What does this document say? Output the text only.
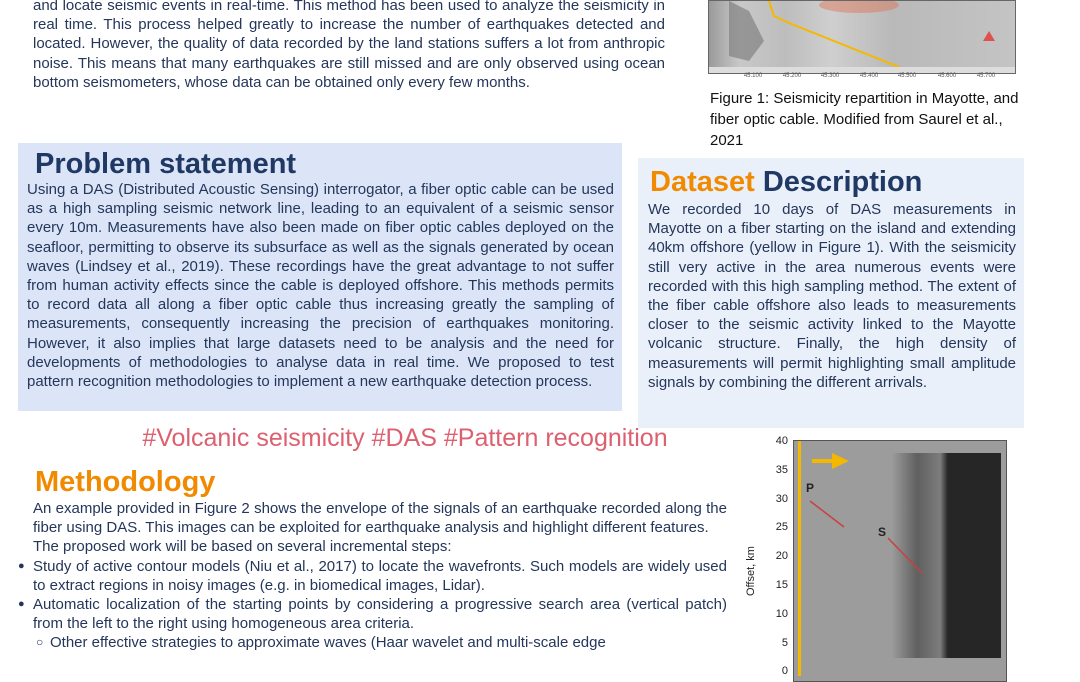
and locate seismic events in real-time. This method has been used to analyze the seismicity in real time. This process helped greatly to increase the number of earthquakes detected and located. However, the quality of data recorded by the land stations suffers a lot from anthropic noise. This means that many earthquakes are still missed and are only observed using ocean bottom seismometers, whose data can be obtained only every few months.	45.100	45.200	45.300	45.400	45.500	45.600	45.700
Figure 1: Seismicity repartition in Mayotte, and fiber optic cable. Modified from Saurel et al., 2021
Problem statement
Using a DAS (Distributed Acoustic Sensing) interrogator, a fiber optic cable can be used as a high sampling seismic network line, leading to an equivalent of a seismic sensor every 10m. Measurements have also been made on fiber optic cables deployed on the seafloor, permitting to observe its subsurface as well as the signals generated by ocean waves (Lindsey et al., 2019). These recordings have the great advantage to not suffer from human activity effects since the cable is deployed offshore. This methods permits to record data all along a fiber optic cable thus increasing greatly the sampling of measurements, consequently increasing the precision of earthquakes monitoring. However, it also implies that large datasets need to be analysis and the need for developments of methodologies to analyse data in real time. We proposed to test pattern recognition methodologies to implement a new earthquake detection process.
Dataset Description
We recorded 10 days of DAS measurements in Mayotte on a fiber starting on the island and extending 40km offshore (yellow in Figure 1). With the seismicity still very active in the area numerous events were recorded with this high sampling method. The extent of the fiber cable offshore also leads to measurements closer to the seismic activity linked to the Mayotte volcanic structure. Finally, the high density of measurements will permit highlighting small amplitude signals by combining the different arrivals.
#Volcanic seismicity #DAS #Pattern recognition
Methodology
An example provided in Figure 2 shows the envelope of the signals of an earthquake recorded along the fiber using DAS. This images can be exploited for earthquake analysis and highlight different features.
The proposed work will be based on several incremental steps:
● Study of active contour models (Niu et al., 2017) to locate the wavefronts. Such models are widely used to extract regions in noisy images (e.g. in biomedical images, Lidar).
● Automatic localization of the starting points by considering a progressive search area (vertical patch) from the left to the right using homogeneous area criteria.
○ Other effective strategies to approximate waves (Haar wavelet and multi-scale edge
Offset, km
40
35
30
25
20
15
10
5
0
P
S
